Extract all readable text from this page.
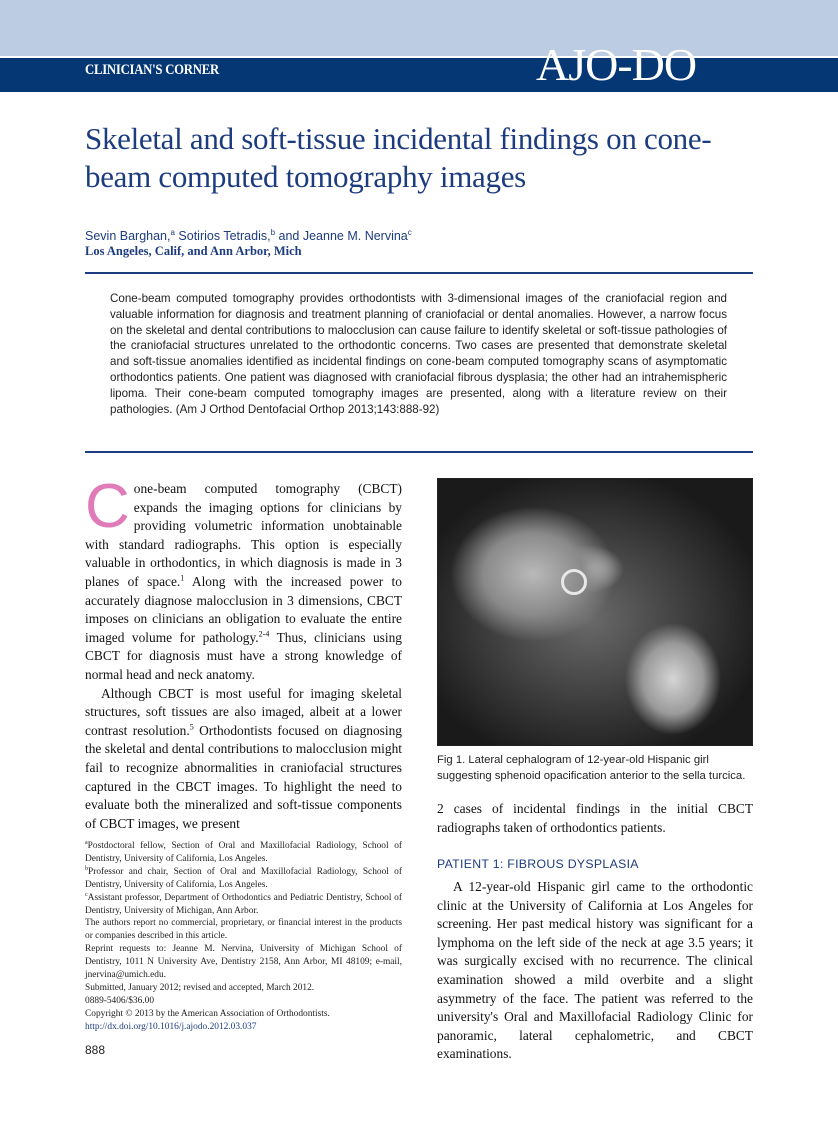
CLINICIAN'S CORNER	AJO-DO
Skeletal and soft-tissue incidental findings on cone-beam computed tomography images
Sevin Barghan,$^a$ Sotirios Tetradis,$^b$ and Jeanne M. Nervina$^c$
Los Angeles, Calif, and Ann Arbor, Mich
Cone-beam computed tomography provides orthodontists with 3-dimensional images of the craniofacial region and valuable information for diagnosis and treatment planning of craniofacial or dental anomalies. However, a narrow focus on the skeletal and dental contributions to malocclusion can cause failure to identify skeletal or soft-tissue pathologies of the craniofacial structures unrelated to the orthodontic concerns. Two cases are presented that demonstrate skeletal and soft-tissue anomalies identified as incidental findings on cone-beam computed tomography scans of asymptomatic orthodontics patients. One patient was diagnosed with craniofacial fibrous dysplasia; the other had an intrahemispheric lipoma. Their cone-beam computed tomography images are presented, along with a literature review on their pathologies. (Am J Orthod Dentofacial Orthop 2013;143:888-92)

Cone-beam computed tomography (CBCT) expands the imaging options for clinicians by providing volumetric information unobtainable with standard radiographs. This option is especially valuable in orthodontics, in which diagnosis is made in 3 planes of space.$^1$ Along with the increased power to accurately diagnose malocclusion in 3 dimensions, CBCT imposes on clinicians an obligation to evaluate the entire imaged volume for pathology.$^{2-4}$ Thus, clinicians using CBCT for diagnosis must have a strong knowledge of normal head and neck anatomy.

Although CBCT is most useful for imaging skeletal structures, soft tissues are also imaged, albeit at a lower contrast resolution.$^5$ Orthodontists focused on diagnosing the skeletal and dental contributions to malocclusion might fail to recognize abnormalities in craniofacial structures captured in the CBCT images. To highlight the need to evaluate both the mineralized and soft-tissue components of CBCT images, we present

Fig 1. Lateral cephalogram of 12-year-old Hispanic girl suggesting sphenoid opacification anterior to the sella turcica.

2 cases of incidental findings in the initial CBCT radiographs taken of orthodontics patients.

PATIENT 1: FIBROUS DYSPLASIA

A 12-year-old Hispanic girl came to the orthodontic clinic at the University of California at Los Angeles for screening. Her past medical history was significant for a lymphoma on the left side of the neck at age 3.5 years; it was surgically excised with no recurrence. The clinical examination showed a mild overbite and a slight asymmetry of the face. The patient was referred to the university's Oral and Maxillofacial Radiology Clinic for panoramic, lateral cephalometric, and CBCT examinations.

$^a$Postdoctoral fellow, Section of Oral and Maxillofacial Radiology, School of Dentistry, University of California, Los Angeles.
$^b$Professor and chair, Section of Oral and Maxillofacial Radiology, School of Dentistry, University of California, Los Angeles.
$^c$Assistant professor, Department of Orthodontics and Pediatric Dentistry, School of Dentistry, University of Michigan, Ann Arbor.
The authors report no commercial, proprietary, or financial interest in the products or companies described in this article.
Reprint requests to: Jeanne M. Nervina, University of Michigan School of Dentistry, 1011 N University Ave, Dentistry 2158, Ann Arbor, MI 48109; e-mail, jnervina@umich.edu.
Submitted, January 2012; revised and accepted, March 2012.
0889-5406/$36.00
Copyright © 2013 by the American Association of Orthodontists.
http://dx.doi.org/10.1016/j.ajodo.2012.03.037
888
